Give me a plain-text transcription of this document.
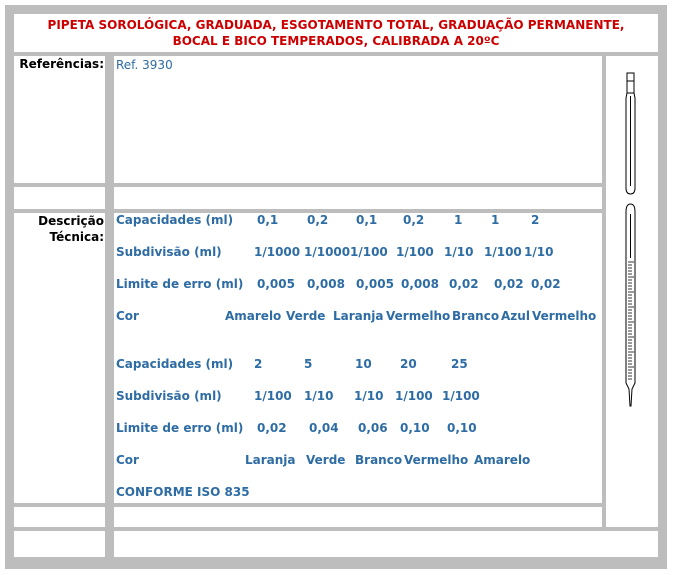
PIPETA SOROLÓGICA, GRADUADA, ESGOTAMENTO TOTAL, GRADUAÇÃO PERMANENTE,
BOCAL E BICO TEMPERADOS, CALIBRADA A 20ºC
Referências:
Descrição
Técnica:
Ref. 3930
Capacidades (ml) 0,1 0,2 0,1 0,2 1 1	2
Subdivisão (ml)	1/1000 1/1000 1/100 1/100 1/10 1/100 1/10
Limite de erro (ml) 0,005 0,008 0,005 0,008 0,02 0,02 0,02
Cor	Amarelo Verde Laranja Vermelho Branco Azul Vermelho
Capacidades (ml) 2	5	10 20	25
Subdivisão (ml)	1/100 1/10 1/10 1/100 1/100
Limite de erro (ml) 0,02 0,04 0,06 0,10 0,10
Cor	Laranja Verde Branco Vermelho Amarelo
CONFORME ISO 835
